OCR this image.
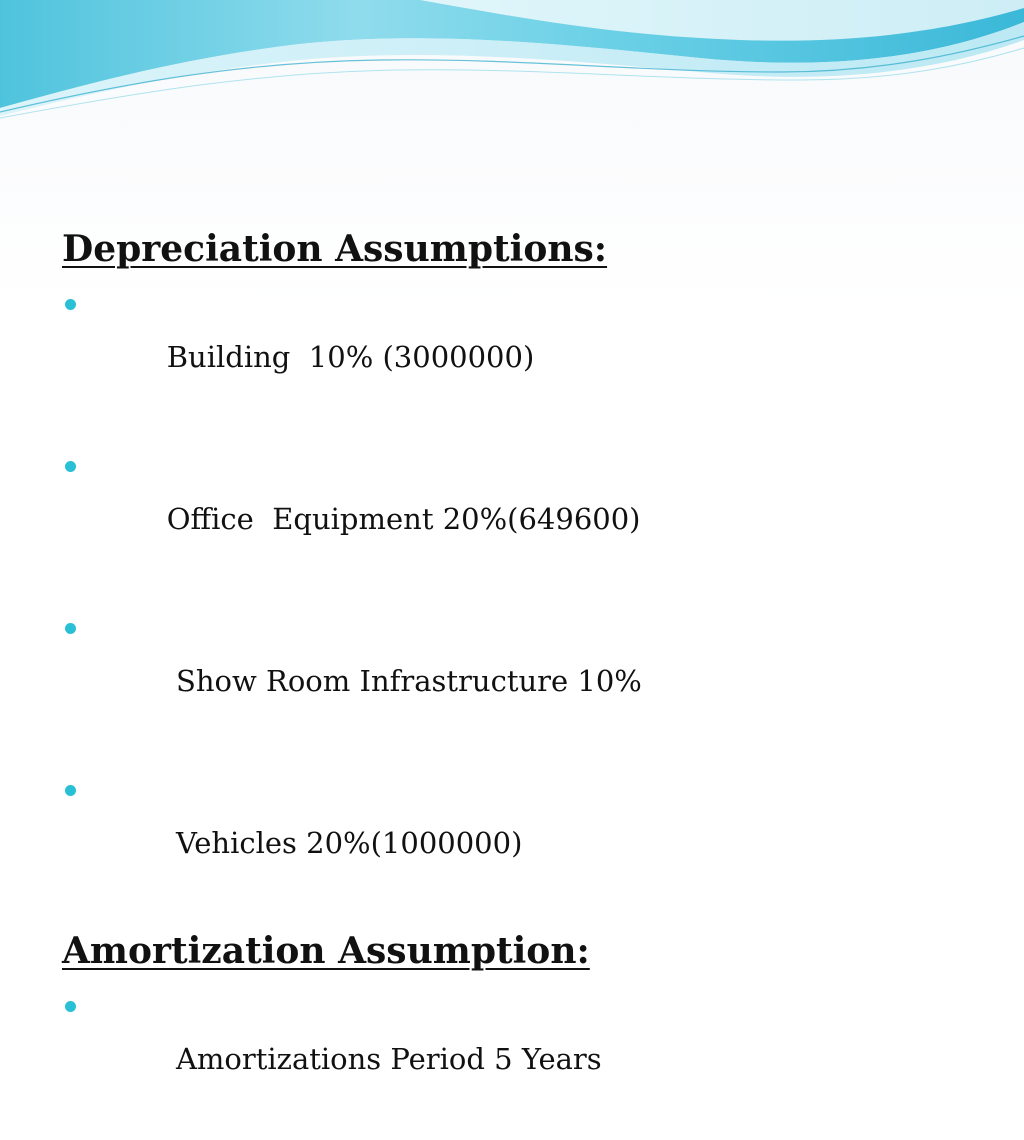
Depreciation Assumptions:

Building  10% (3000000)

Office  Equipment 20%(649600)

Show Room Infrastructure 10%

Vehicles 20%(1000000)

Amortization Assumption:

Amortizations Period 5 Years
